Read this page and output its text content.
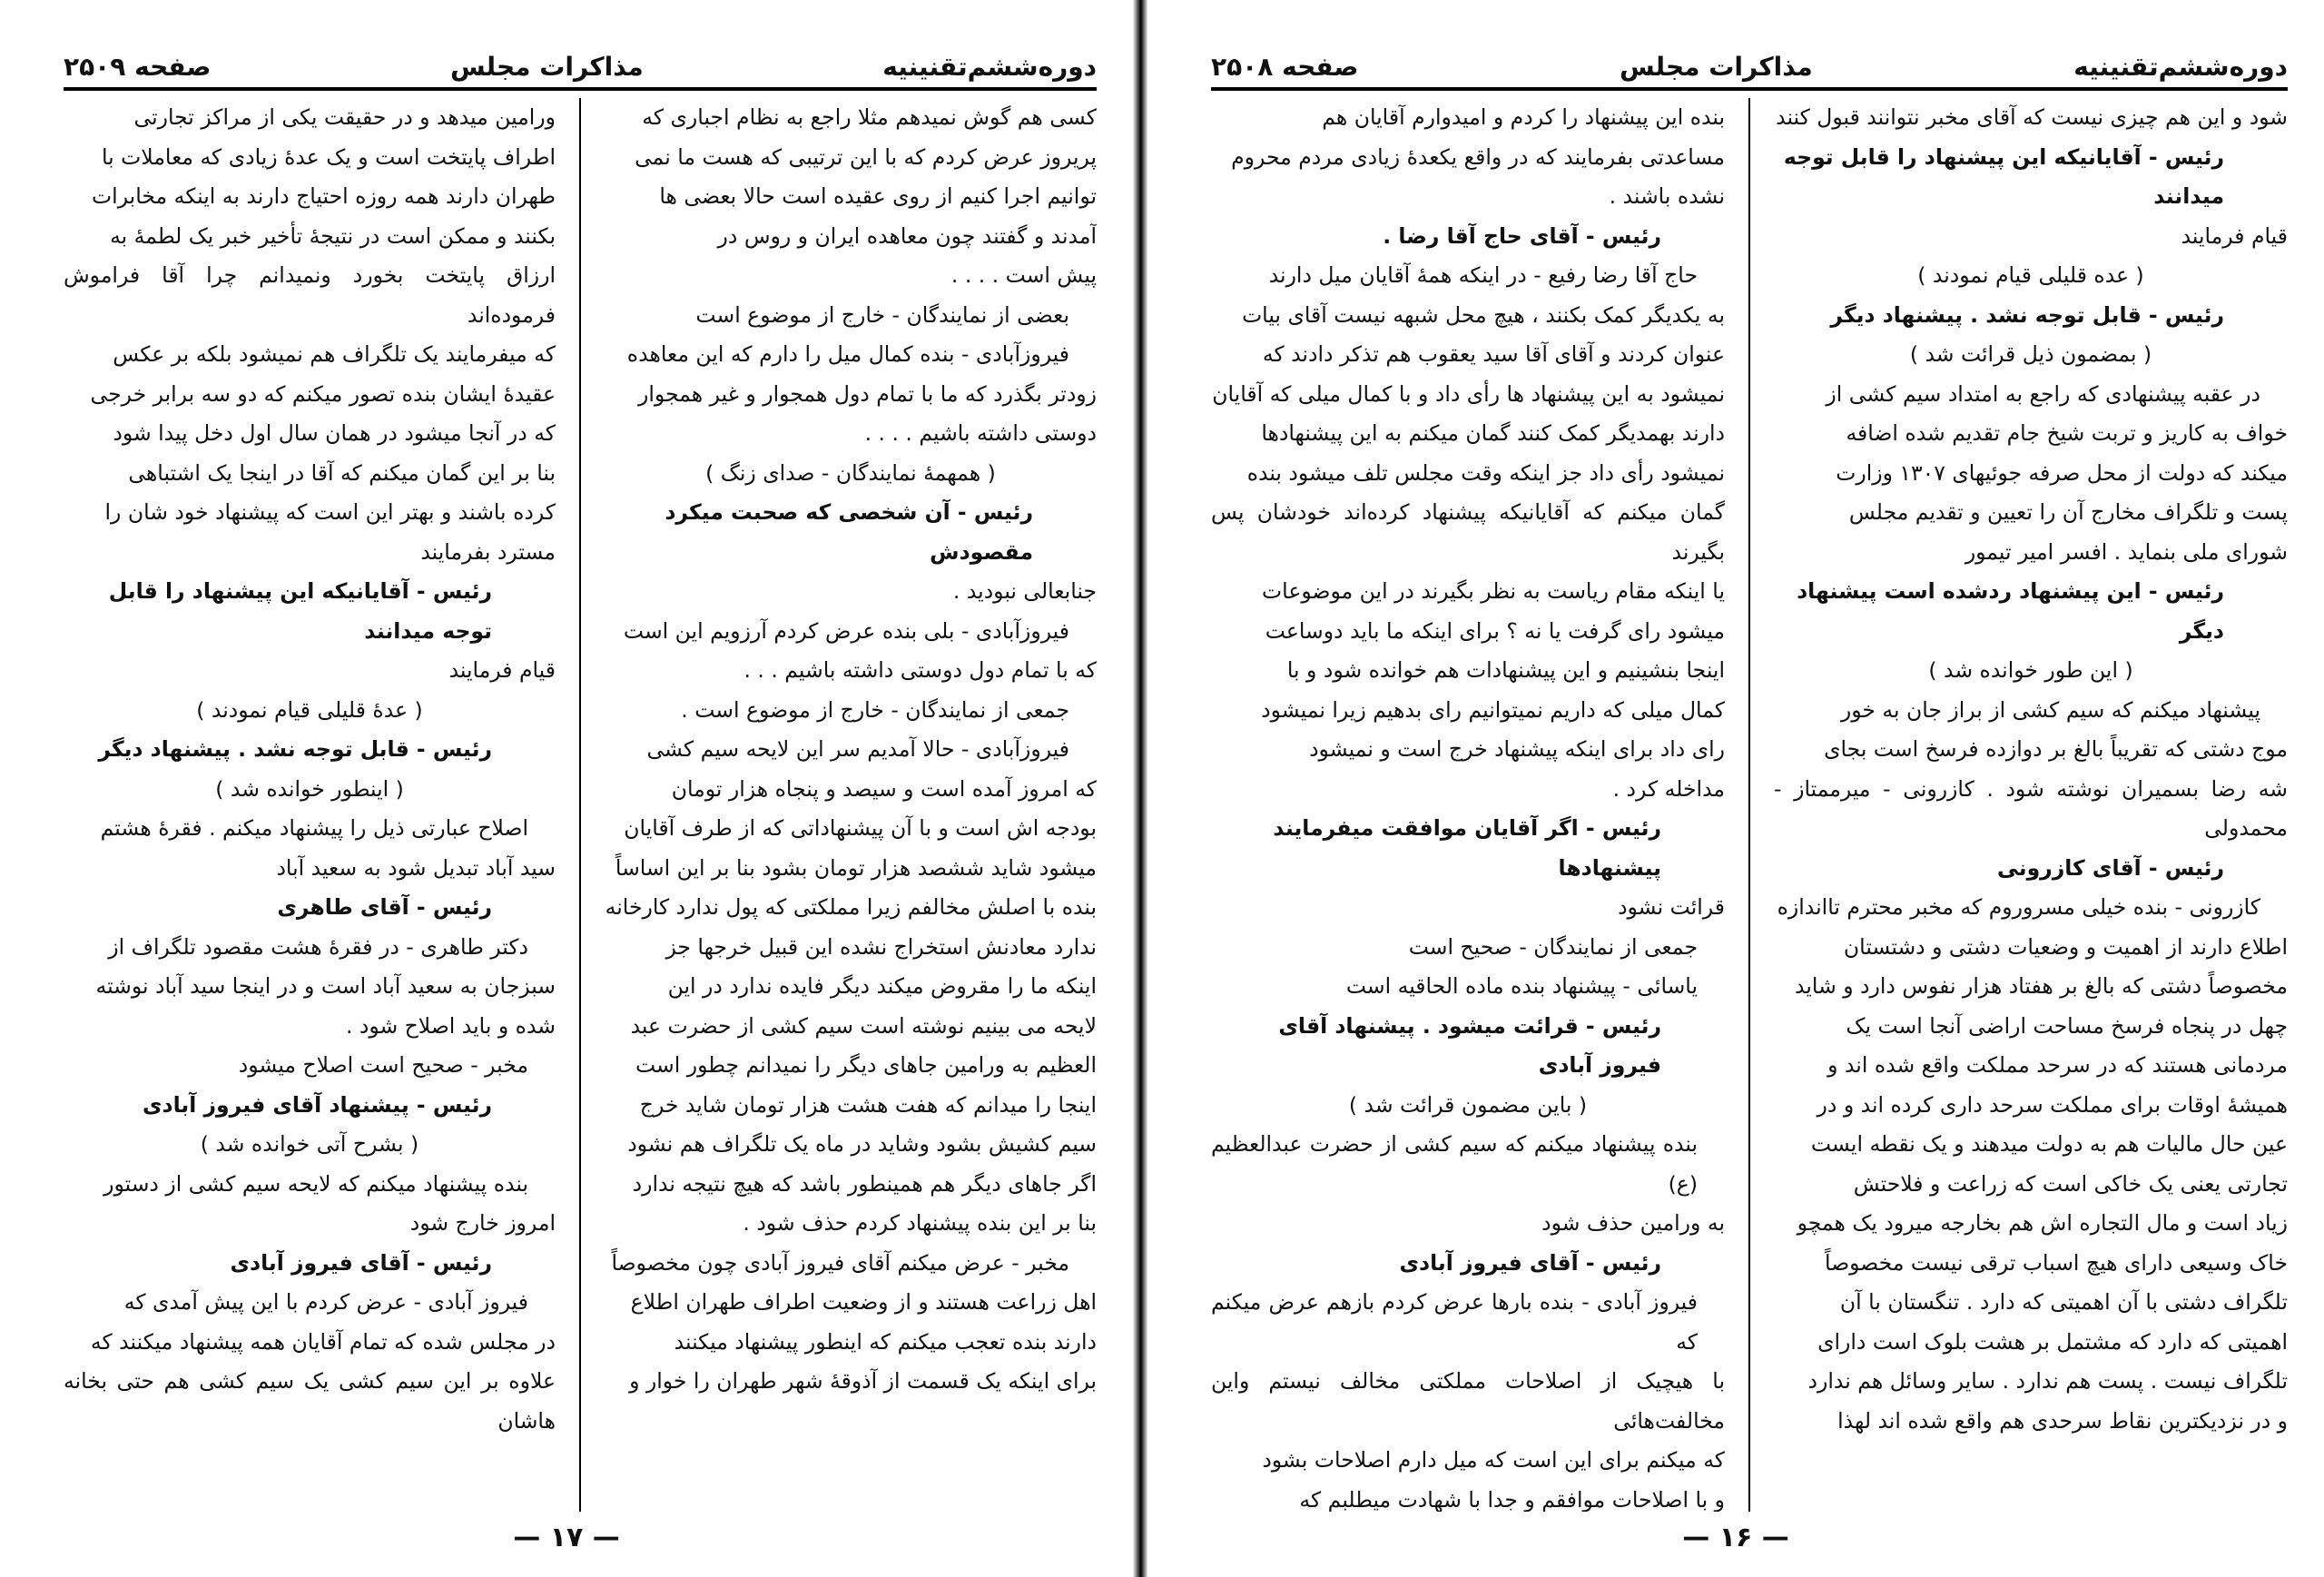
دوره‌ششم‌تقنینیه
مذاکرات مجلس
صفحه ۲۵۰۹

کسی هم گوش نمیدهم مثلا راجع به نظام اجباری که

پریروز عرض کردم که با این ترتیبی که هست ما نمی

توانیم اجرا کنیم از روی عقیده است حالا بعضی ها

آمدند و گفتند چون معاهده ایران و روس در

پیش است . . . .

بعضی از نمایندگان - خارج از موضوع است

فیروزآبادی - بنده کمال میل را دارم که این معاهده

زودتر بگذرد که ما با تمام دول همجوار و غیر همجوار

دوستی داشته باشیم . . . .

( همهمهٔ نمایندگان - صدای زنگ )

رئیس - آن شخصی که صحبت میکرد مقصودش

جنابعالی نبودید .

فیروزآبادی - بلی بنده عرض کردم آرزویم این است

که با تمام دول دوستی داشته باشیم . . .

جمعی از نمایندگان - خارج از موضوع است .

فیروزآبادی - حالا آمدیم سر این لایحه سیم کشی

که امروز آمده است و سیصد و پنجاه هزار تومان

بودجه اش است و با آن پیشنهاداتی که از طرف آقایان

میشود شاید ششصد هزار تومان بشود بنا بر این اساساً

بنده با اصلش مخالفم زیرا مملکتی که پول ندارد کارخانه

ندارد معادنش استخراج نشده این قبیل خرجها جز

اینکه ما را مقروض میکند دیگر فایده ندارد در این

لایحه می بینیم نوشته است سیم کشی از حضرت عبد

العظیم به ورامین جاهای دیگر را نمیدانم چطور است

اینجا را میدانم که هفت هشت هزار تومان شاید خرج

سیم کشیش بشود وشاید در ماه یک تلگراف هم نشود

اگر جاهای دیگر هم همینطور باشد که هیچ نتیجه ندارد

بنا بر این بنده پیشنهاد کردم حذف شود .

مخبر - عرض میکنم آقای فیروز آبادی چون مخصوصاً

اهل زراعت هستند و از وضعیت اطراف طهران اطلاع

دارند بنده تعجب میکنم که اینطور پیشنهاد میکنند

برای اینکه یک قسمت از آذوقهٔ شهر طهران را خوار و

ورامین میدهد و در حقیقت یکی از مراکز تجارتی

اطراف پایتخت است و یک عدهٔ زیادی که معاملات با

طهران دارند همه روزه احتیاج دارند به اینکه مخابرات

بکنند و ممکن است در نتیجهٔ تأخیر خبر یک لطمهٔ به

ارزاق پایتخت بخورد ونمیدانم چرا آقا فراموش فرموده‌اند

که میفرمایند یک تلگراف هم نمیشود بلکه بر عکس

عقیدهٔ ایشان بنده تصور میکنم که دو سه برابر خرجی

که در آنجا میشود در همان سال اول دخل پیدا شود

بنا بر این گمان میکنم که آقا در اینجا یک اشتباهی

کرده باشند و بهتر این است که پیشنهاد خود شان را

مسترد بفرمایند

رئیس - آقایانیکه این پیشنهاد را قابل توجه میدانند

قیام فرمایند

( عدهٔ قلیلی قیام نمودند )

رئیس - قابل توجه نشد . پیشنهاد دیگر

( اینطور خوانده شد )

اصلاح عبارتی ذیل را پیشنهاد میکنم . فقرهٔ هشتم

سید آباد تبدیل شود به سعید آباد

رئیس - آقای طاهری

دکتر طاهری - در فقرهٔ هشت مقصود تلگراف از

سبزجان به سعید آباد است و در اینجا سید آباد نوشته

شده و باید اصلاح شود .

مخبر - صحیح است اصلاح میشود

رئیس - پیشنهاد آقای فیروز آبادی

( بشرح آتی خوانده شد )

بنده پیشنهاد میکنم که لایحه سیم کشی از دستور

امروز خارج شود

رئیس - آقای فیروز آبادی

فیروز آبادی - عرض کردم با این پیش آمدی که

در مجلس شده که تمام آقایان همه پیشنهاد میکنند که

علاوه بر این سیم کشی یک سیم کشی هم حتی بخانه هاشان

— ۱۷ —
دوره‌ششم‌تقنینیه
مذاکرات مجلس
صفحه ۲۵۰۸

شود و این هم چیزی نیست که آقای مخبر نتوانند قبول کنند

رئیس - آقایانیکه این پیشنهاد را قابل توجه میدانند

قیام فرمایند

( عده قلیلی قیام نمودند )

رئیس - قابل توجه نشد . پیشنهاد دیگر

( بمضمون ذیل قرائت شد )

در عقبه پیشنهادی که راجع به امتداد سیم کشی از

خواف به کاریز و تربت شیخ جام تقدیم شده اضافه

میکند که دولت از محل صرفه جوئیهای ۱۳۰۷ وزارت

پست و تلگراف مخارج آن را تعیین و تقدیم مجلس

شورای ملی بنماید . افسر امیر تیمور

رئیس - این پیشنهاد ردشده است پیشنهاد دیگر

( این طور خوانده شد )

پیشنهاد میکنم که سیم کشی از براز جان به خور

موج دشتی که تقریباً بالغ بر دوازده فرسخ است بجای

شه رضا بسمیران نوشته شود . کازرونی - میرممتاز - محمدولی

رئیس - آقای کازرونی

کازرونی - بنده خیلی مسروروم که مخبر محترم تااندازه

اطلاع دارند از اهمیت و وضعیات دشتی و دشتستان

مخصوصاً دشتی که بالغ بر هفتاد هزار نفوس دارد و شاید

چهل در پنجاه فرسخ مساحت اراضی آنجا است یک

مردمانی هستند که در سرحد مملکت واقع شده اند و

همیشهٔ اوقات برای مملکت سرحد داری کرده اند و در

عین حال مالیات هم به دولت میدهند و یک نقطه ایست

تجارتی یعنی یک خاکی است که زراعت و فلاحتش

زیاد است و مال التجاره اش هم بخارجه میرود یک همچو

خاک وسیعی دارای هیچ اسباب ترقی نیست مخصوصاً

تلگراف دشتی با آن اهمیتی که دارد . تنگستان با آن

اهمیتی که دارد که مشتمل بر هشت بلوک است دارای

تلگراف نیست . پست هم ندارد . سایر وسائل هم ندارد

و در نزدیکترین نقاط سرحدی هم واقع شده اند لهذا

بنده این پیشنهاد را کردم و امیدوارم آقایان هم

مساعدتی بفرمایند که در واقع یکعدهٔ زیادی مردم محروم

نشده باشند .

رئیس - آقای حاج آقا رضا .

حاج آقا رضا رفیع - در اینکه همهٔ آقایان میل دارند

به یکدیگر کمک بکنند ، هیچ محل شبهه نیست آقای بیات

عنوان کردند و آقای آقا سید یعقوب هم تذکر دادند که

نمیشود به این پیشنهاد ها رأی داد و با کمال میلی که آقایان

دارند بهمدیگر کمک کنند گمان میکنم به این پیشنهادها

نمیشود رأی داد جز اینکه وقت مجلس تلف میشود بنده

گمان میکنم که آقایانیکه پیشنهاد کرده‌اند خودشان پس بگیرند

یا اینکه مقام ریاست به نظر بگیرند در این موضوعات

میشود رای گرفت یا نه ؟ برای اینکه ما باید دوساعت

اینجا بنشینیم و این پیشنهادات هم خوانده شود و با

کمال میلی که داریم نمیتوانیم رای بدهیم زیرا نمیشود

رای داد برای اینکه پیشنهاد خرج است و نمیشود

مداخله کرد .

رئیس - اگر آقایان موافقت میفرمایند پیشنهادها

قرائت نشود

جمعی از نمایندگان - صحیح است

یاسائی - پیشنهاد بنده ماده الحاقیه است

رئیس - قرائت میشود . پیشنهاد آقای فیروز آبادی

( باین مضمون قرائت شد )

بنده پیشنهاد میکنم که سیم کشی از حضرت عبدالعظیم (ع)

به ورامین حذف شود

رئیس - آقای فیروز آبادی

فیروز آبادی - بنده بارها عرض کردم بازهم عرض میکنم که

با هیچیک از اصلاحات مملکتی مخالف نیستم واین مخالفت‌هائی

که میکنم برای این است که میل دارم اصلاحات بشود

و با اصلاحات موافقم و جدا با شهادت میطلبم که

— ۱۶ —
